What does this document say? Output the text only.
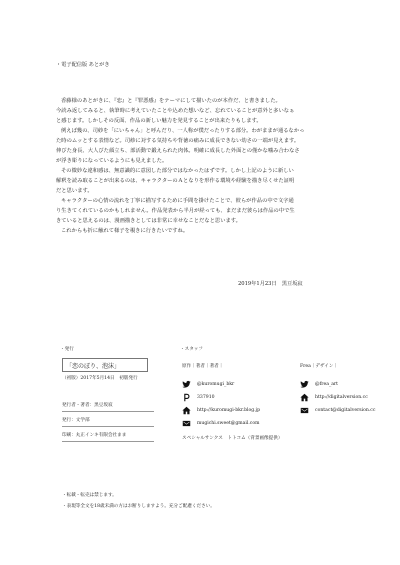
・電子配信版 あとがき

香藤様のあとがきに、『恋』と『罪悪感』をテーマにして描いたのが本作だ、と書きました。

今読み返してみると、執筆時に考えていたことや込めた想いなど、忘れていることが意外と多いなぁ

と感じます。しかしその反面、作品の新しい魅力を発見することが出来たりもします。

例えば幾の、司紗を「にいちゃん」と呼んだり、一人称が僕だったりする部分。わがままが通るなかっ

た時のムッとする表情など。司紗に対する気持ちや背徳の痛みに成長できない幼さの一端が見えます。

伸びた身長、大人びた顔立ち、部活動で鍛えられた肉体。明確に成長した外面との僅かな噛み合わなさ

が浮き彫りになっているようにも見えました。

その微妙な違和感は、無意識的に意図した部分ではなかったはずです。しかし上記のように新しい

解釈を読み取ることが出来るのは、キャラクターのＡとなりを形作る環境や経験を描き尽くせた証明

だと思います。

キャラクターの心情の流れを丁寧に描写するために手間を掛けたことで、彼らが作品の中で文字通

り生きてくれているのかもしれません。作品発表から半月が経っても、まだまだ彼らは作品の中で生

きていると思えるのは、漫画描きとしては非常に幸せなことだなと思います。

これからも折に触れて様子を覗きに行きたいですね。

2019年1月23日　黒豆坂寂
・発行
「恋のぼり、泡沫」
（初版）2017年5月14日　初版発行
発行者・著者：黒豆坂寂
発行：文学部
印刷：丸正インキ有限会社まま
・スタッフ
原作｜著者｜著者｜	Frea｜デザイン｜
@kuromugi_bkr
337910
http://kuromugi-bkr.blog.jp
mugichi.sweet@gmail.com
@frea_art
http://digitalversion.cc
contact@digitalversion.cc
スペシャルサンクス　トトコム（背景画像提供）
・転載・転売は禁じます。
・表現等全文を18歳未満の方はお断りしますよう。充分ご配慮ください。
